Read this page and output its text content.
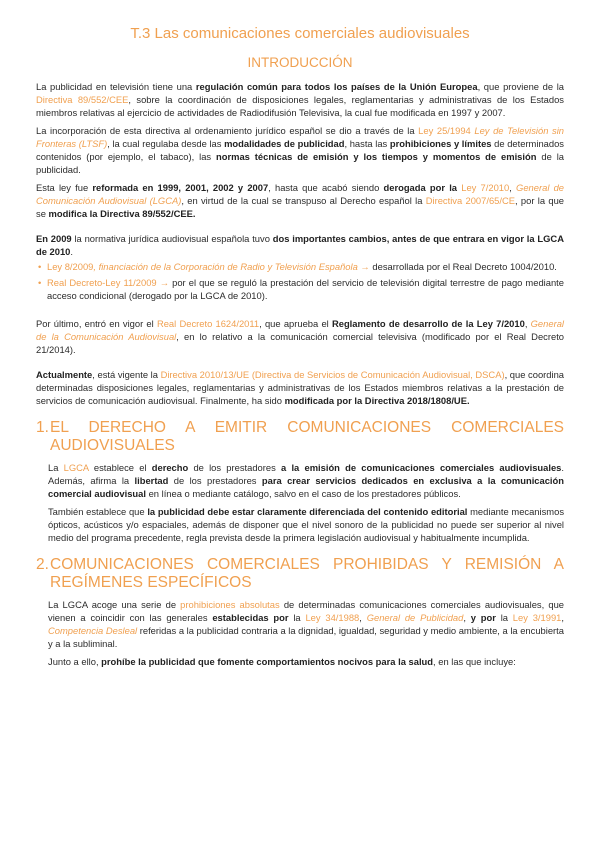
T.3 Las comunicaciones comerciales audiovisuales
INTRODUCCIÓN

La publicidad en televisión tiene una regulación común para todos los países de la Unión Europea, que proviene de la Directiva 89/552/CEE, sobre la coordinación de disposiciones legales, reglamentarias y administrativas de los Estados miembros relativas al ejercicio de actividades de Radiodifusión Televisiva, la cual fue modificada en 1997 y 2007.

La incorporación de esta directiva al ordenamiento jurídico español se dio a través de la Ley 25/1994 Ley de Televisión sin Fronteras (LTSF), la cual regulaba desde las modalidades de publicidad, hasta las prohibiciones y límites de determinados contenidos (por ejemplo, el tabaco), las normas técnicas de emisión y los tiempos y momentos de emisión de la publicidad.

Esta ley fue reformada en 1999, 2001, 2002 y 2007, hasta que acabó siendo derogada por la Ley 7/2010, General de Comunicación Audiovisual (LGCA), en virtud de la cual se transpuso al Derecho español la Directiva 2007/65/CE, por la que se modifica la Directiva 89/552/CEE.

En 2009 la normativa jurídica audiovisual española tuvo dos importantes cambios, antes de que entrara en vigor la LGCA de 2010.

• Ley 8/2009, financiación de la Corporación de Radio y Televisión Española → desarrollada por el Real Decreto 1004/2010.
• Real Decreto-Ley 11/2009 → por el que se reguló la prestación del servicio de televisión digital terrestre de pago mediante acceso condicional (derogado por la LGCA de 2010).

Por último, entró en vigor el Real Decreto 1624/2011, que aprueba el Reglamento de desarrollo de la Ley 7/2010, General de la Comunicación Audiovisual, en lo relativo a la comunicación comercial televisiva (modificado por el Real Decreto 21/2014).

Actualmente, está vigente la Directiva 2010/13/UE (Directiva de Servicios de Comunicación Audiovisual, DSCA), que coordina determinadas disposiciones legales, reglamentarias y administrativas de los Estados miembros relativas a la prestación de servicios de comunicación audiovisual. Finalmente, ha sido modificada por la Directiva 2018/1808/UE.

1. EL DERECHO A EMITIR COMUNICACIONES COMERCIALES AUDIOVISUALES

La LGCA establece el derecho de los prestadores a la emisión de comunicaciones comerciales audiovisuales. Además, afirma la libertad de los prestadores para crear servicios dedicados en exclusiva a la comunicación comercial audiovisual en línea o mediante catálogo, salvo en el caso de los prestadores públicos.

También establece que la publicidad debe estar claramente diferenciada del contenido editorial mediante mecanismos ópticos, acústicos y/o espaciales, además de disponer que el nivel sonoro de la publicidad no puede ser superior al nivel medio del programa precedente, regla prevista desde la primera legislación audiovisual y habitualmente incumplida.

2. COMUNICACIONES COMERCIALES PROHIBIDAS Y REMISIÓN A REGÍMENES ESPECÍFICOS

La LGCA acoge una serie de prohibiciones absolutas de determinadas comunicaciones comerciales audiovisuales, que vienen a coincidir con las generales establecidas por la Ley 34/1988, General de Publicidad, y por la Ley 3/1991, Competencia Desleal referidas a la publicidad contraria a la dignidad, igualdad, seguridad y medio ambiente, a la encubierta y a la subliminal.

Junto a ello, prohíbe la publicidad que fomente comportamientos nocivos para la salud, en las que incluye:
